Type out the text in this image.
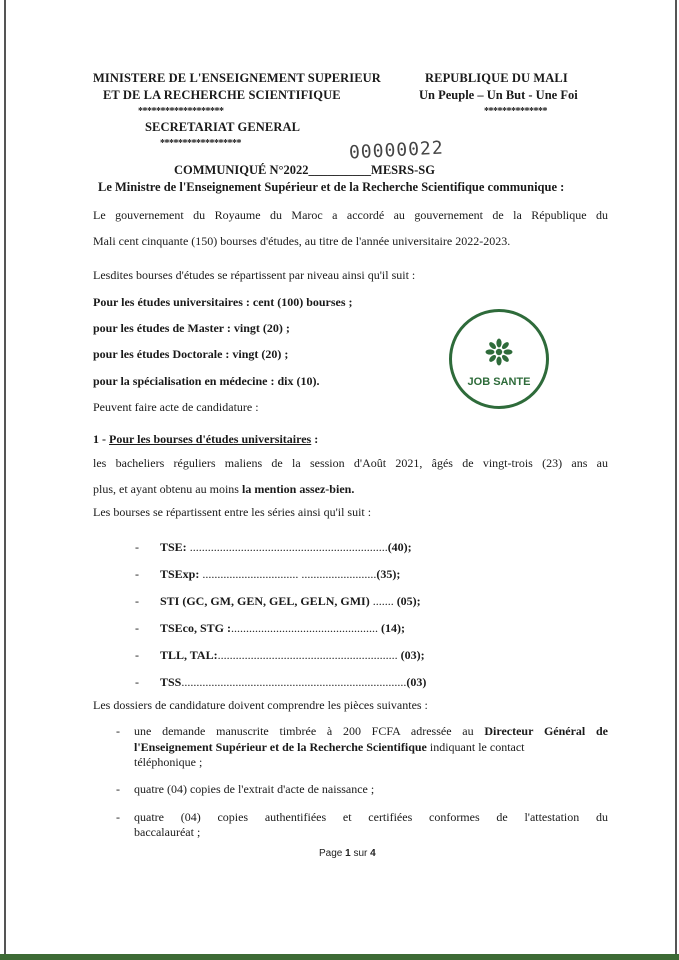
MINISTERE DE L'ENSEIGNEMENT SUPERIEUR
ET DE LA RECHERCHE SCIENTIFIQUE
*******************
SECRETARIAT GENERAL
******************
REPUBLIQUE DU MALI
Un Peuple – Un But - Une Foi
**************
00000022
COMMUNIQUÉ N°2022__________MESRS-SG
Le Ministre de l'Enseignement Supérieur et de la Recherche Scientifique communique :
Le gouvernement du Royaume du Maroc a accordé au gouvernement de la République du
Mali cent cinquante (150) bourses d'études, au titre de l'année universitaire 2022-2023.
Lesdites bourses d'études se répartissent par niveau ainsi qu'il suit :
Pour les études universitaires : cent (100) bourses ;
pour les études de Master : vingt (20) ;
pour les études Doctorale : vingt (20) ;
pour la spécialisation en médecine : dix (10).
Peuvent faire acte de candidature :
JOB SANTE
1 - Pour les bourses d'études universitaires :
les bacheliers réguliers maliens de la session d'Août 2021, âgés de vingt-trois (23) ans au
plus, et ayant obtenu au moins la mention assez-bien.
Les bourses se répartissent entre les séries ainsi qu'il suit :
- TSE: ..................................................................(40);
- TSExp: ................................ .........................(35);
- STI (GC, GM, GEN, GEL, GELN, GMI) ....... (05);
- TSEco, STG :................................................. (14);
- TLL, TAL:............................................................ (03);
- TSS...........................................................................(03)
Les dossiers de candidature doivent comprendre les pièces suivantes :
- une demande manuscrite timbrée à 200 FCFA adressée au Directeur Général de
l'Enseignement Supérieur et de la Recherche Scientifique indiquant le contact
téléphonique ;
- quatre (04) copies de l'extrait d'acte de naissance ;
- quatre (04) copies authentifiées et certifiées conformes de l'attestation du
baccalauréat ;
Page 1 sur 4
